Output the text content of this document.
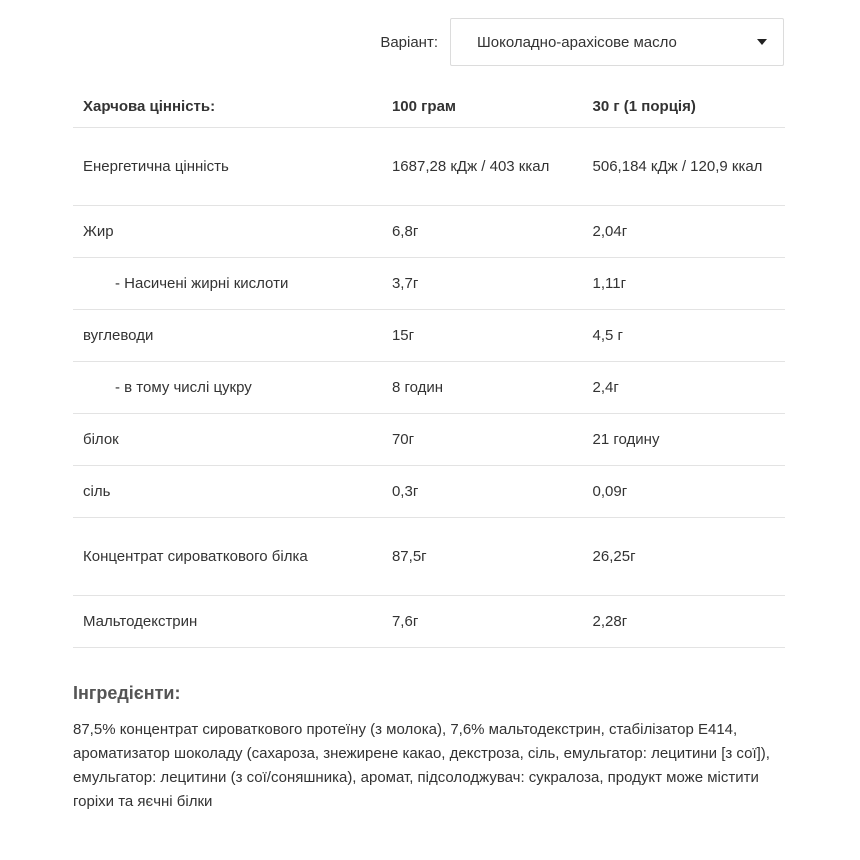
Варіант:	Шоколадно-арахісове масло
Харчова цінність:	100 грам	30 г (1 порція)
Енергетична цінність	1687,28 кДж / 403 ккал	506,184 кДж / 120,9 ккал
Жир	6,8г	2,04г
- Насичені жирні кислоти	3,7г	1,11г
вуглеводи	15г	4,5 г
- в тому числі цукру	8 годин	2,4г
білок	70г	21 годину
сіль	0,3г	0,09г
Концентрат сироваткового білка	87,5г	26,25г
Мальтодекстрин	7,6г	2,28г

Інгредієнти:

87,5% концентрат сироваткового протеїну (з молока), 7,6% мальтодекстрин, стабілізатор E414, ароматизатор шоколаду (сахароза, знежирене какао, декстроза, сіль, емульгатор: лецитини [з сої]), емульгатор: лецитини (з сої/соняшника), аромат, підсолоджувач: сукралоза, продукт може містити горіхи та яєчні білки
